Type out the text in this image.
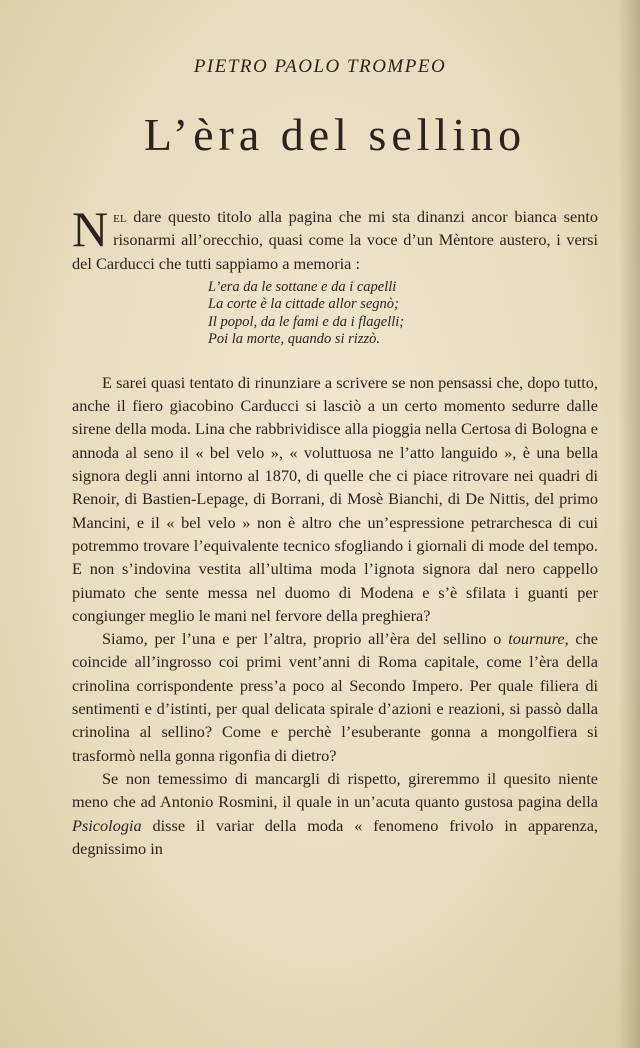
PIETRO PAOLO TROMPEO
L’èra del sellino

Nel dare questo titolo alla pagina che mi sta dinanzi ancor bianca sento risonarmi all’orecchio, quasi come la voce d’un Mèntore austero, i versi del Carducci che tutti sappiamo a memoria :

L’era da le sottane e da i capelli
La corte è la cittade allor segnò;
Il popol, da le fami e da i flagelli;
Poi la morte, quando si rizzò.

E sarei quasi tentato di rinunziare a scrivere se non pensassi che, dopo tutto, anche il fiero giacobino Carducci si lasciò a un certo momento sedurre dalle sirene della moda. Lina che rabbrividisce alla pioggia nella Certosa di Bologna e annoda al seno il « bel velo », « voluttuosa ne l’atto languido », è una bella signora degli anni intorno al 1870, di quelle che ci piace ritrovare nei quadri di Renoir, di Bastien-Lepage, di Borrani, di Mosè Bianchi, di De Nittis, del primo Mancini, e il « bel velo » non è altro che un’espressione petrarchesca di cui potremmo trovare l’equivalente tecnico sfogliando i giornali di mode del tempo. E non s’indovina vestita all’ultima moda l’ignota signora dal nero cappello piumato che sente messa nel duomo di Modena e s’è sfilata i guanti per congiunger meglio le mani nel fervore della preghiera?

Siamo, per l’una e per l’altra, proprio all’èra del sellino o tournure, che coincide all’ingrosso coi primi vent’anni di Roma capitale, come l’èra della crinolina corrispondente press’a poco al Secondo Impero. Per quale filiera di sentimenti e d’istinti, per qual delicata spirale d’azioni e reazioni, si passò dalla crinolina al sellino? Come e perchè l’esuberante gonna a mongolfiera si trasformò nella gonna rigonfia di dietro?

Se non temessimo di mancargli di rispetto, gireremmo il quesito niente meno che ad Antonio Rosmini, il quale in un’acuta quanto gustosa pagina della Psicologia disse il variar della moda « fenomeno frivolo in apparenza, degnissimo in
